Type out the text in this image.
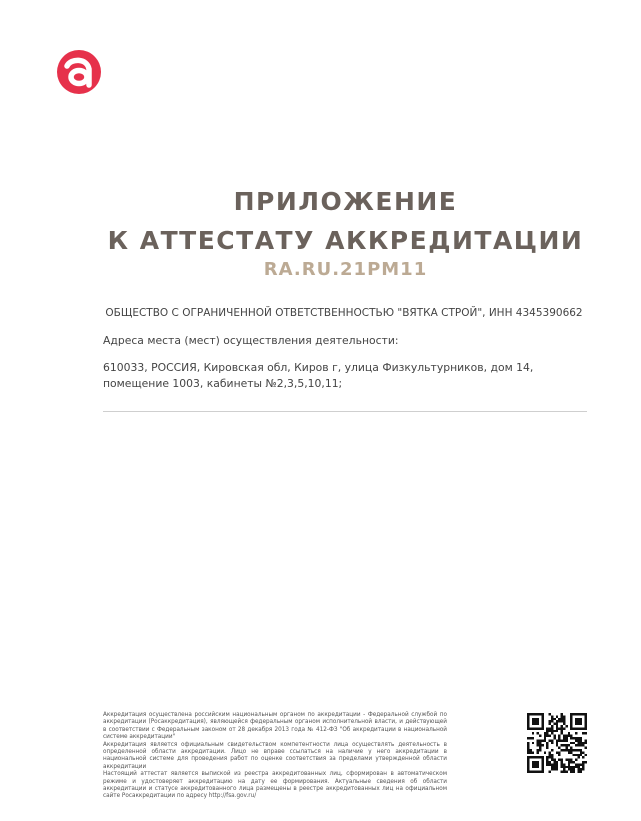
ПРИЛОЖЕНИЕ
К АТТЕСТАТУ АККРЕДИТАЦИИ
RA.RU.21PM11
ОБЩЕСТВО С ОГРАНИЧЕННОЙ ОТВЕТСТВЕННОСТЬЮ "ВЯТКА СТРОЙ", ИНН 4345390662
Адреса места (мест) осуществления деятельности:
610033, РОССИЯ, Кировская обл, Киров г, улица Физкультурников, дом 14, помещение 1003, кабинеты №2,3,5,10,11;

Аккредитация осуществлена российским национальным органом по аккредитации - Федеральной службой по аккредитации (Росаккредитация), являющейся федеральным органом исполнительной власти, и действующей в соответствии с Федеральным законом от 28 декабря 2013 года № 412-ФЗ "Об аккредитации в национальной системе аккредитации"

Аккредитация является официальным свидетельством компетентности лица осуществлять деятельность в определенной области аккредитации. Лицо не вправе ссылаться на наличие у него аккредитации в национальной системе для проведения работ по оценке соответствия за пределами утвержденной области аккредитации

Настоящий аттестат является выпиской из реестра аккредитованных лиц, сформирован в автоматическом режиме и удостоверяет аккредитацию на дату ее формирования. Актуальные сведения об области аккредитации и статусе аккредитованного лица размещены в реестре аккредитованных лиц на официальном сайте Росаккредитации по адресу http://fsa.gov.ru/
